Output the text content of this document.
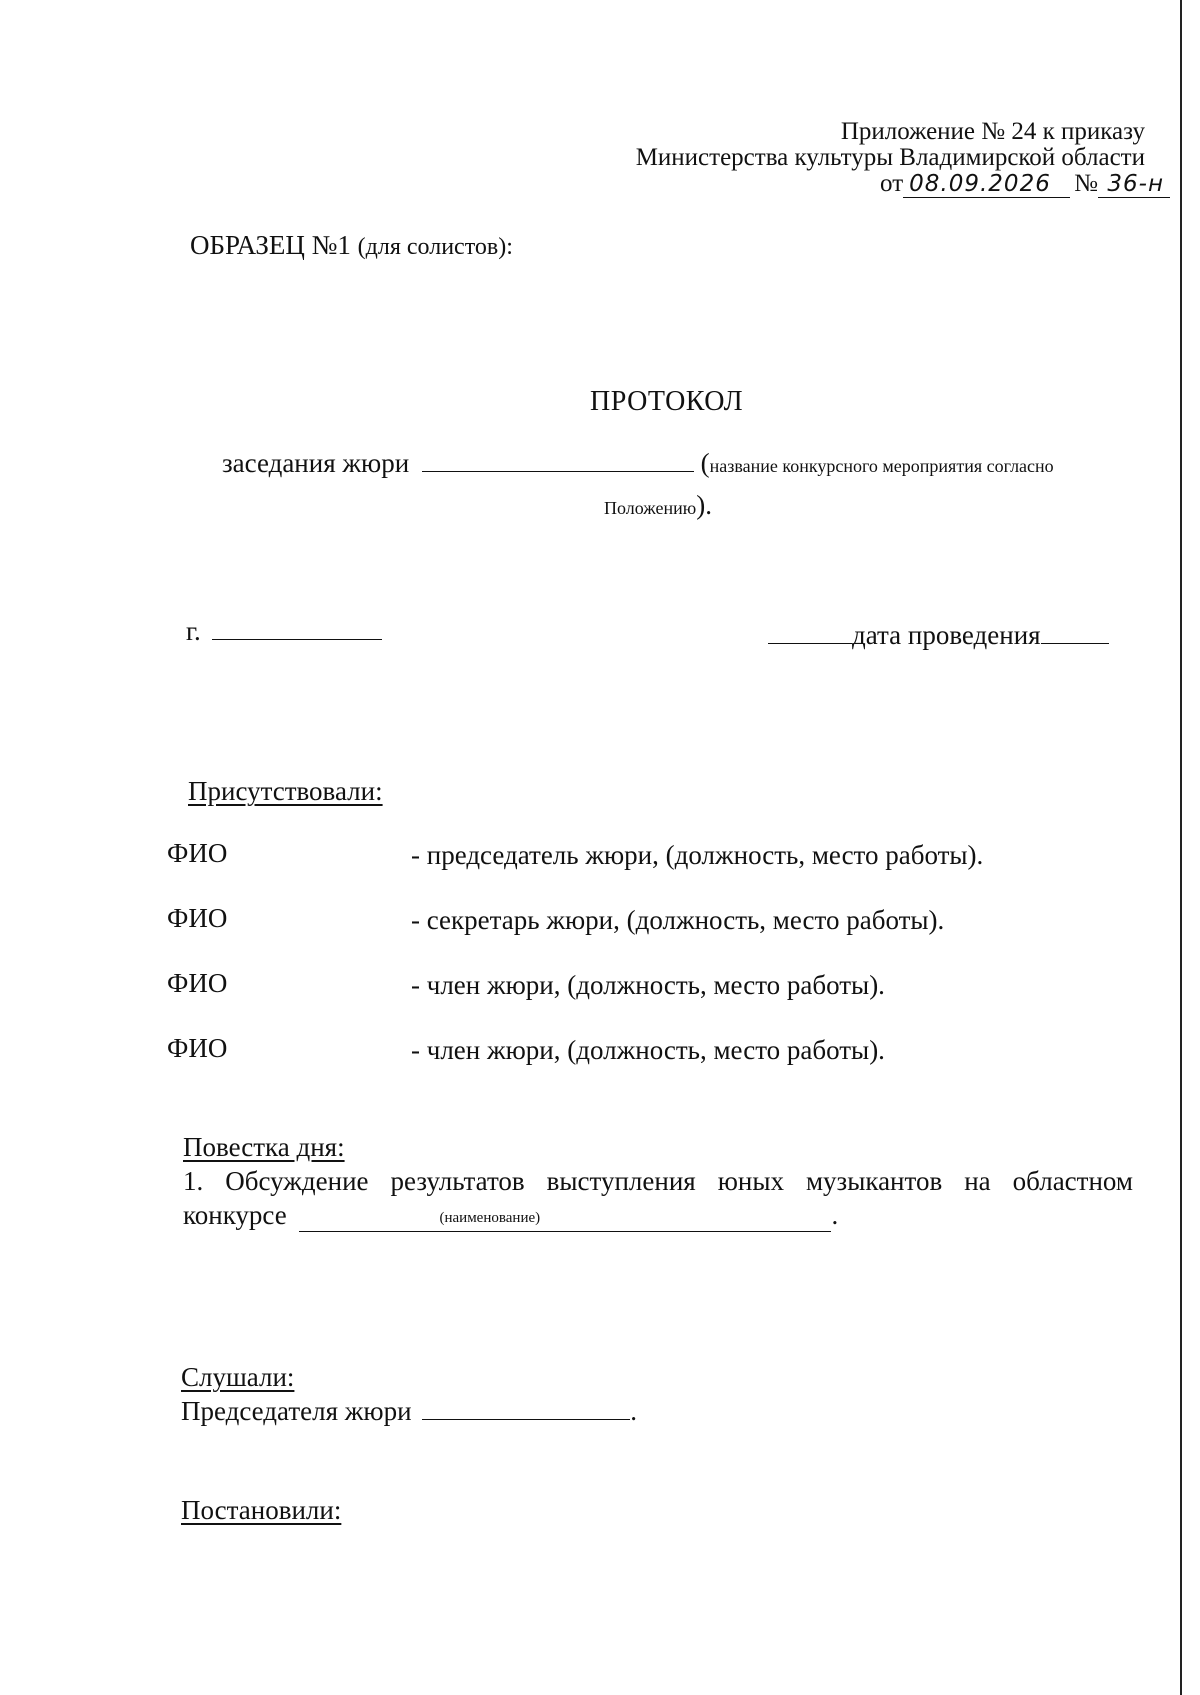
Приложение № 24 к приказу
Министерства культуры Владимирской области
от 08.09.2026 № 36-н
ОБРАЗЕЦ №1 (для солистов):
ПРОТОКОЛ
заседания жюри	(название конкурсного мероприятия согласно
Положению).
г.	дата проведения
Присутствовали:
ФИО	- председатель жюри, (должность, место работы).
ФИО	- секретарь жюри, (должность, место работы).
ФИО	- член жюри, (должность, место работы).
ФИО	- член жюри, (должность, место работы).
Повестка дня:
1. Обсуждение результатов выступления юных музыкантов на областном
конкурсе	(наименование)	.
Слушали:
Председателя жюри	.
Постановили:
